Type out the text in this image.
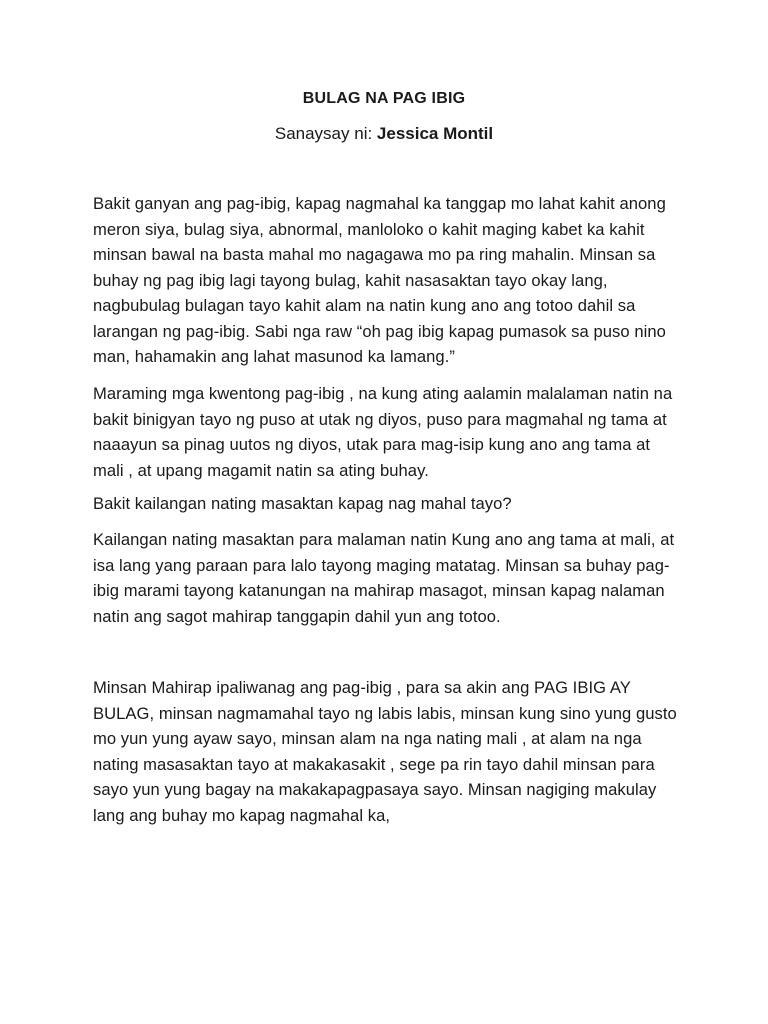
BULAG NA PAG IBIG
Sanaysay ni: Jessica Montil

Bakit ganyan ang pag-ibig, kapag nagmahal ka tanggap mo lahat kahit anong meron siya, bulag siya, abnormal, manloloko o kahit maging kabet ka kahit minsan bawal na basta mahal mo nagagawa mo pa ring mahalin. Minsan sa buhay ng pag ibig lagi tayong bulag, kahit nasasaktan tayo okay lang, nagbubulag bulagan tayo kahit alam na natin kung ano ang totoo dahil sa larangan ng pag-ibig. Sabi nga raw “oh pag ibig kapag pumasok sa puso nino man, hahamakin ang lahat masunod ka lamang.”

Maraming mga kwentong pag-ibig , na kung ating aalamin malalaman natin na bakit binigyan tayo ng puso at utak ng diyos, puso para magmahal ng tama at naaayun sa pinag uutos ng diyos, utak para mag-isip kung ano ang tama at mali , at upang magamit natin sa ating buhay.

Bakit kailangan nating masaktan kapag nag mahal tayo?

Kailangan nating masaktan para malaman natin Kung ano ang tama at mali, at isa lang yang paraan para lalo tayong maging matatag. Minsan sa buhay pag-ibig marami tayong katanungan na mahirap masagot, minsan kapag nalaman natin ang sagot mahirap tanggapin dahil yun ang totoo.

Minsan Mahirap ipaliwanag ang pag-ibig , para sa akin ang PAG IBIG AY BULAG, minsan nagmamahal tayo ng labis labis, minsan kung sino yung gusto mo yun yung ayaw sayo, minsan alam na nga nating mali , at alam na nga nating masasaktan tayo at makakasakit , sege pa rin tayo dahil minsan para sayo yun yung bagay na makakapagpasaya sayo. Minsan nagiging makulay lang ang buhay mo kapag nagmahal ka,
